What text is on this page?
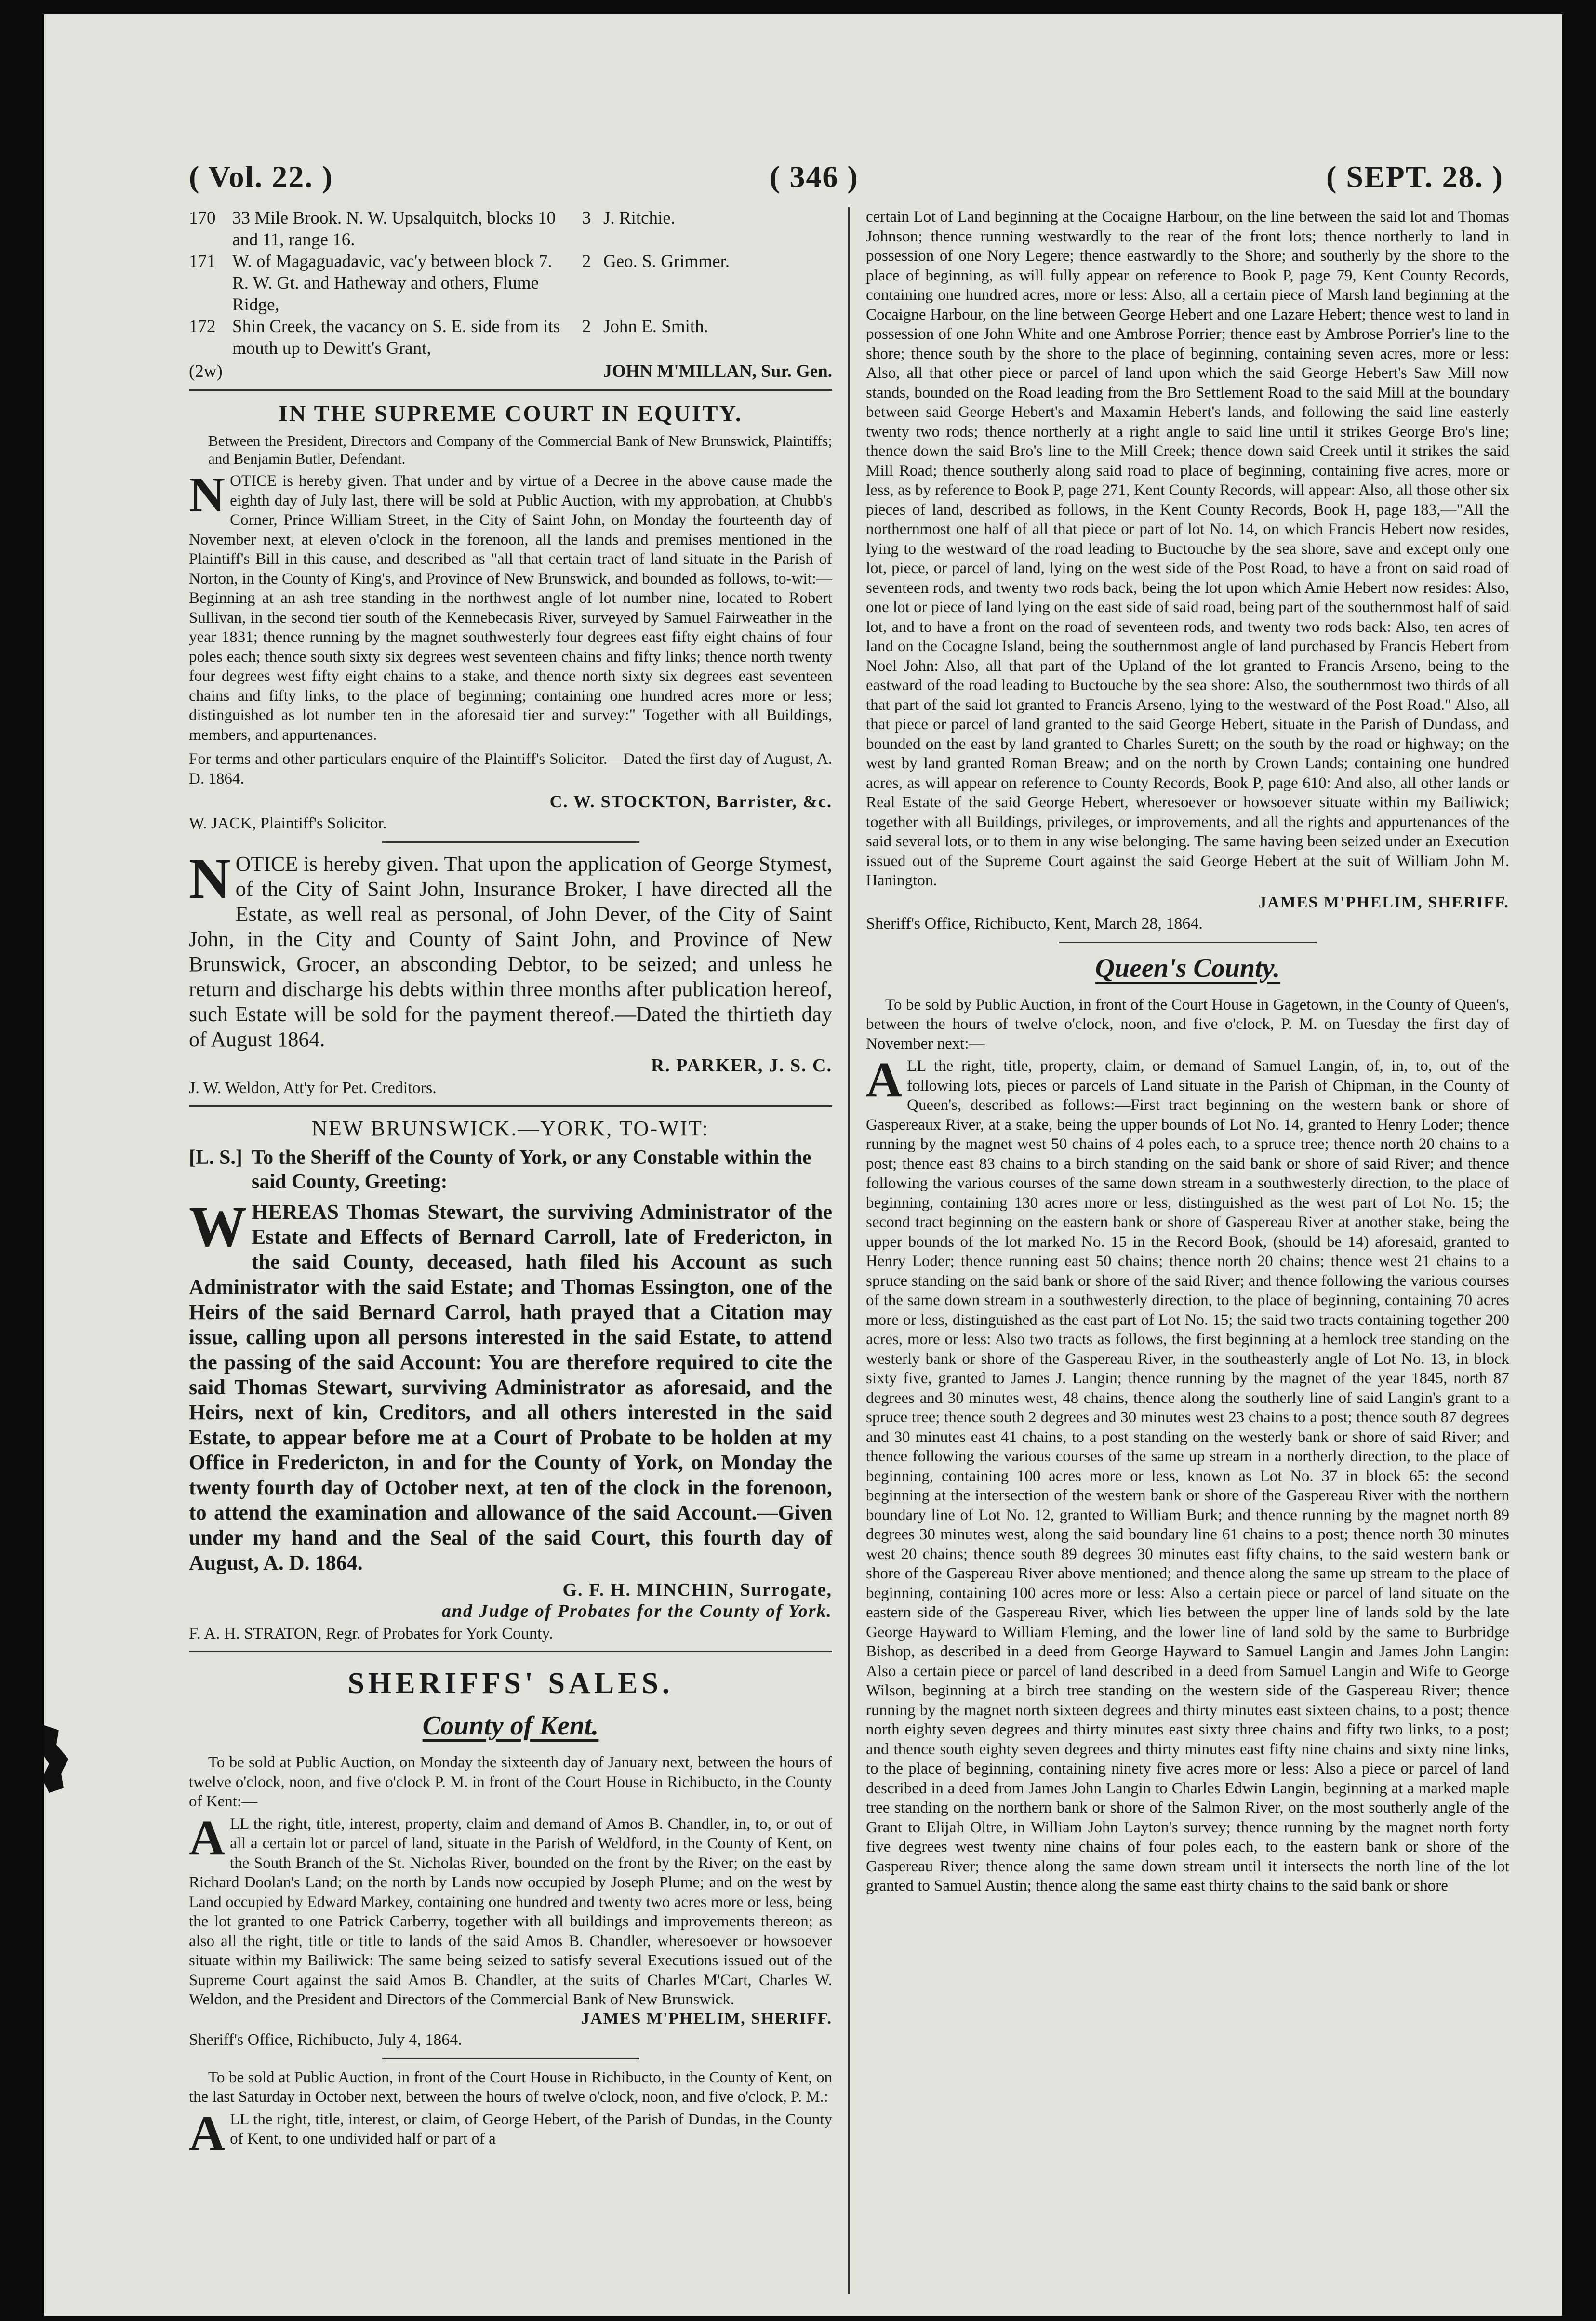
( Vol. 22. )	( 346 )	( SEPT. 28. )
170	33 Mile Brook. N. W. Upsalquitch, blocks 10 and 11, range 16.	3	J. Ritchie.
171	W. of Magaguadavic, vac'y between block 7. R. W. Gt. and Hatheway and others, Flume Ridge,	2	Geo. S. Grimmer.
172	Shin Creek, the vacancy on S. E. side from its mouth up to Dewitt's Grant,	2	John E. Smith.
(2w)	JOHN M'MILLAN, Sur. Gen.
IN THE SUPREME COURT IN EQUITY.

Between the President, Directors and Company of the Commercial Bank of New Brunswick, Plaintiffs; and Benjamin Butler, Defendant.

NOTICE is hereby given. That under and by virtue of a Decree in the above cause made the eighth day of July last, there will be sold at Public Auction, with my approbation, at Chubb's Corner, Prince William Street, in the City of Saint John, on Monday the fourteenth day of November next, at eleven o'clock in the forenoon, all the lands and premises mentioned in the Plaintiff's Bill in this cause, and described as "all that certain tract of land situate in the Parish of Norton, in the County of King's, and Province of New Brunswick, and bounded as follows, to-wit:—Beginning at an ash tree standing in the northwest angle of lot number nine, located to Robert Sullivan, in the second tier south of the Kennebecasis River, surveyed by Samuel Fairweather in the year 1831; thence running by the magnet southwesterly four degrees east fifty eight chains of four poles each; thence south sixty six degrees west seventeen chains and fifty links; thence north twenty four degrees west fifty eight chains to a stake, and thence north sixty six degrees east seventeen chains and fifty links, to the place of beginning; containing one hundred acres more or less; distinguished as lot number ten in the aforesaid tier and survey:" Together with all Buildings, members, and appurtenances.

For terms and other particulars enquire of the Plaintiff's Solicitor.—Dated the first day of August, A. D. 1864.

C. W. STOCKTON, Barrister, &c.

W. JACK, Plaintiff's Solicitor.

NOTICE is hereby given. That upon the application of George Stymest, of the City of Saint John, Insurance Broker, I have directed all the Estate, as well real as personal, of John Dever, of the City of Saint John, in the City and County of Saint John, and Province of New Brunswick, Grocer, an absconding Debtor, to be seized; and unless he return and discharge his debts within three months after publication hereof, such Estate will be sold for the payment thereof.—Dated the thirtieth day of August 1864.

R. PARKER, J. S. C.

J. W. Weldon, Att'y for Pet. Creditors.

NEW BRUNSWICK.—YORK, TO-WIT:
[L. S.] To the Sheriff of the County of York, or any Constable within the said County, Greeting:

WHEREAS Thomas Stewart, the surviving Administrator of the Estate and Effects of Bernard Carroll, late of Fredericton, in the said County, deceased, hath filed his Account as such Administrator with the said Estate; and Thomas Essington, one of the Heirs of the said Bernard Carrol, hath prayed that a Citation may issue, calling upon all persons interested in the said Estate, to attend the passing of the said Account: You are therefore required to cite the said Thomas Stewart, surviving Administrator as aforesaid, and the Heirs, next of kin, Creditors, and all others interested in the said Estate, to appear before me at a Court of Probate to be holden at my Office in Fredericton, in and for the County of York, on Monday the twenty fourth day of October next, at ten of the clock in the forenoon, to attend the examination and allowance of the said Account.—Given under my hand and the Seal of the said Court, this fourth day of August, A. D. 1864.

G. F. H. MINCHIN, Surrogate,

and Judge of Probates for the County of York.

F. A. H. STRATON, Regr. of Probates for York County.

SHERIFFS' SALES.
County of Kent.

To be sold at Public Auction, on Monday the sixteenth day of January next, between the hours of twelve o'clock, noon, and five o'clock P. M. in front of the Court House in Richibucto, in the County of Kent:—

ALL the right, title, interest, property, claim and demand of Amos B. Chandler, in, to, or out of all a certain lot or parcel of land, situate in the Parish of Weldford, in the County of Kent, on the South Branch of the St. Nicholas River, bounded on the front by the River; on the east by Richard Doolan's Land; on the north by Lands now occupied by Joseph Plume; and on the west by Land occupied by Edward Markey, containing one hundred and twenty two acres more or less, being the lot granted to one Patrick Carberry, together with all buildings and improvements thereon; as also all the right, title or title to lands of the said Amos B. Chandler, wheresoever or howsoever situate within my Bailiwick: The same being seized to satisfy several Executions issued out of the Supreme Court against the said Amos B. Chandler, at the suits of Charles M'Cart, Charles W. Weldon, and the President and Directors of the Commercial Bank of New Brunswick.

JAMES M'PHELIM, SHERIFF.

Sheriff's Office, Richibucto, July 4, 1864.

To be sold at Public Auction, in front of the Court House in Richibucto, in the County of Kent, on the last Saturday in October next, between the hours of twelve o'clock, noon, and five o'clock, P. M.:

ALL the right, title, interest, or claim, of George Hebert, of the Parish of Dundas, in the County of Kent, to one undivided half or part of a

certain Lot of Land beginning at the Cocaigne Harbour, on the line between the said lot and Thomas Johnson; thence running westwardly to the rear of the front lots; thence northerly to land in possession of one Nory Legere; thence eastwardly to the Shore; and southerly by the shore to the place of beginning, as will fully appear on reference to Book P, page 79, Kent County Records, containing one hundred acres, more or less: Also, all a certain piece of Marsh land beginning at the Cocaigne Harbour, on the line between George Hebert and one Lazare Hebert; thence west to land in possession of one John White and one Ambrose Porrier; thence east by Ambrose Porrier's line to the shore; thence south by the shore to the place of beginning, containing seven acres, more or less: Also, all that other piece or parcel of land upon which the said George Hebert's Saw Mill now stands, bounded on the Road leading from the Bro Settlement Road to the said Mill at the boundary between said George Hebert's and Maxamin Hebert's lands, and following the said line easterly twenty two rods; thence northerly at a right angle to said line until it strikes George Bro's line; thence down the said Bro's line to the Mill Creek; thence down said Creek until it strikes the said Mill Road; thence southerly along said road to place of beginning, containing five acres, more or less, as by reference to Book P, page 271, Kent County Records, will appear: Also, all those other six pieces of land, described as follows, in the Kent County Records, Book H, page 183,—"All the northernmost one half of all that piece or part of lot No. 14, on which Francis Hebert now resides, lying to the westward of the road leading to Buctouche by the sea shore, save and except only one lot, piece, or parcel of land, lying on the west side of the Post Road, to have a front on said road of seventeen rods, and twenty two rods back, being the lot upon which Amie Hebert now resides: Also, one lot or piece of land lying on the east side of said road, being part of the southernmost half of said lot, and to have a front on the road of seventeen rods, and twenty two rods back: Also, ten acres of land on the Cocagne Island, being the southernmost angle of land purchased by Francis Hebert from Noel John: Also, all that part of the Upland of the lot granted to Francis Arseno, being to the eastward of the road leading to Buctouche by the sea shore: Also, the southernmost two thirds of all that part of the said lot granted to Francis Arseno, lying to the westward of the Post Road." Also, all that piece or parcel of land granted to the said George Hebert, situate in the Parish of Dundass, and bounded on the east by land granted to Charles Surett; on the south by the road or highway; on the west by land granted Roman Breaw; and on the north by Crown Lands; containing one hundred acres, as will appear on reference to County Records, Book P, page 610: And also, all other lands or Real Estate of the said George Hebert, wheresoever or howsoever situate within my Bailiwick; together with all Buildings, privileges, or improvements, and all the rights and appurtenances of the said several lots, or to them in any wise belonging. The same having been seized under an Execution issued out of the Supreme Court against the said George Hebert at the suit of William John M. Hanington.

JAMES M'PHELIM, SHERIFF.

Sheriff's Office, Richibucto, Kent, March 28, 1864.

Queen's County.

To be sold by Public Auction, in front of the Court House in Gagetown, in the County of Queen's, between the hours of twelve o'clock, noon, and five o'clock, P. M. on Tuesday the first day of November next:—

ALL the right, title, property, claim, or demand of Samuel Langin, of, in, to, out of the following lots, pieces or parcels of Land situate in the Parish of Chipman, in the County of Queen's, described as follows:—First tract beginning on the western bank or shore of Gaspereaux River, at a stake, being the upper bounds of Lot No. 14, granted to Henry Loder; thence running by the magnet west 50 chains of 4 poles each, to a spruce tree; thence north 20 chains to a post; thence east 83 chains to a birch standing on the said bank or shore of said River; and thence following the various courses of the same down stream in a southwesterly direction, to the place of beginning, containing 130 acres more or less, distinguished as the west part of Lot No. 15; the second tract beginning on the eastern bank or shore of Gaspereau River at another stake, being the upper bounds of the lot marked No. 15 in the Record Book, (should be 14) aforesaid, granted to Henry Loder; thence running east 50 chains; thence north 20 chains; thence west 21 chains to a spruce standing on the said bank or shore of the said River; and thence following the various courses of the same down stream in a southwesterly direction, to the place of beginning, containing 70 acres more or less, distinguished as the east part of Lot No. 15; the said two tracts containing together 200 acres, more or less: Also two tracts as follows, the first beginning at a hemlock tree standing on the westerly bank or shore of the Gaspereau River, in the southeasterly angle of Lot No. 13, in block sixty five, granted to James J. Langin; thence running by the magnet of the year 1845, north 87 degrees and 30 minutes west, 48 chains, thence along the southerly line of said Langin's grant to a spruce tree; thence south 2 degrees and 30 minutes west 23 chains to a post; thence south 87 degrees and 30 minutes east 41 chains, to a post standing on the westerly bank or shore of said River; and thence following the various courses of the same up stream in a northerly direction, to the place of beginning, containing 100 acres more or less, known as Lot No. 37 in block 65: the second beginning at the intersection of the western bank or shore of the Gaspereau River with the northern boundary line of Lot No. 12, granted to William Burk; and thence running by the magnet north 89 degrees 30 minutes west, along the said boundary line 61 chains to a post; thence north 30 minutes west 20 chains; thence south 89 degrees 30 minutes east fifty chains, to the said western bank or shore of the Gaspereau River above mentioned; and thence along the same up stream to the place of beginning, containing 100 acres more or less: Also a certain piece or parcel of land situate on the eastern side of the Gaspereau River, which lies between the upper line of lands sold by the late George Hayward to William Fleming, and the lower line of land sold by the same to Burbridge Bishop, as described in a deed from George Hayward to Samuel Langin and James John Langin: Also a certain piece or parcel of land described in a deed from Samuel Langin and Wife to George Wilson, beginning at a birch tree standing on the western side of the Gaspereau River; thence running by the magnet north sixteen degrees and thirty minutes east sixteen chains, to a post; thence north eighty seven degrees and thirty minutes east sixty three chains and fifty two links, to a post; and thence south eighty seven degrees and thirty minutes east fifty nine chains and sixty nine links, to the place of beginning, containing ninety five acres more or less: Also a piece or parcel of land described in a deed from James John Langin to Charles Edwin Langin, beginning at a marked maple tree standing on the northern bank or shore of the Salmon River, on the most southerly angle of the Grant to Elijah Oltre, in William John Layton's survey; thence running by the magnet north forty five degrees west twenty nine chains of four poles each, to the eastern bank or shore of the Gaspereau River; thence along the same down stream until it intersects the north line of the lot granted to Samuel Austin; thence along the same east thirty chains to the said bank or shore
